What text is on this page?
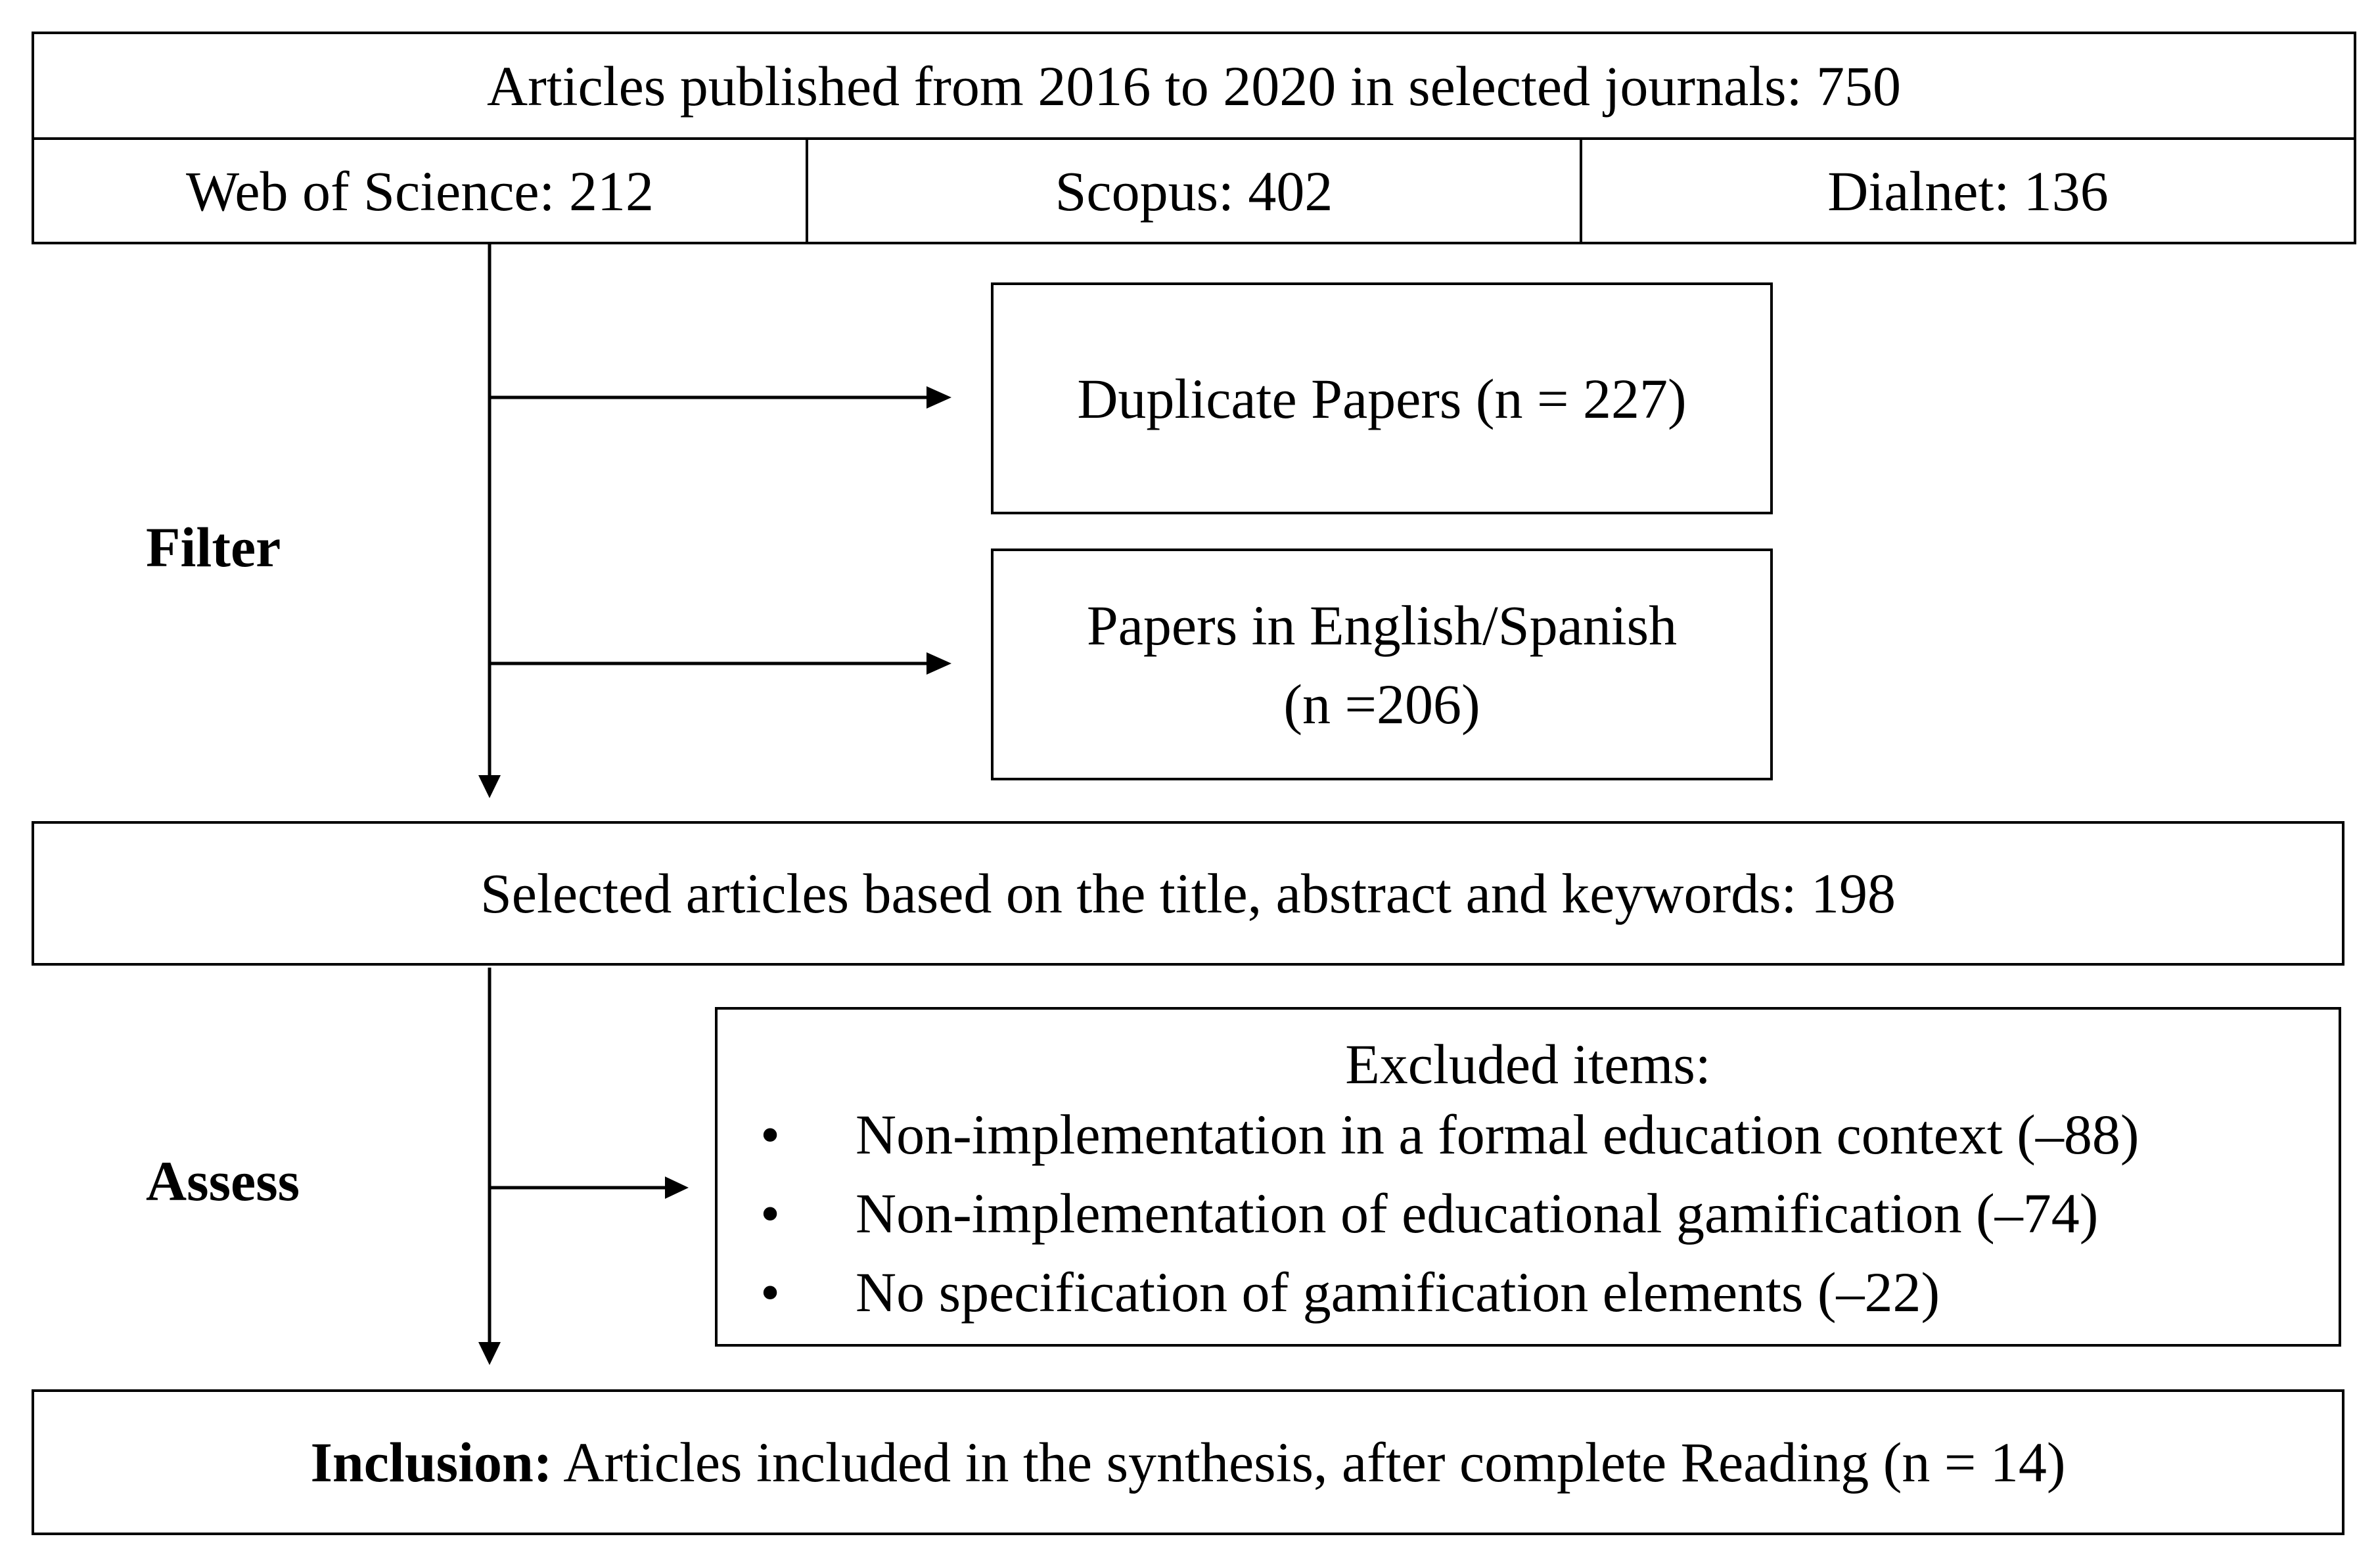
Articles published from 2016 to 2020 in selected journals: 750
Web of Science: 212	Scopus: 402	Dialnet: 136
Filter
Duplicate Papers (n = 227)
Papers in English/Spanish
(n =206)
Selected articles based on the title, abstract and keywords: 198
Assess
Excluded items:
• Non-implementation in a formal education context (–88)
• Non-implementation of educational gamification (–74)
• No specification of gamification elements (–22)
Inclusion: Articles included in the synthesis, after complete Reading (n = 14)
